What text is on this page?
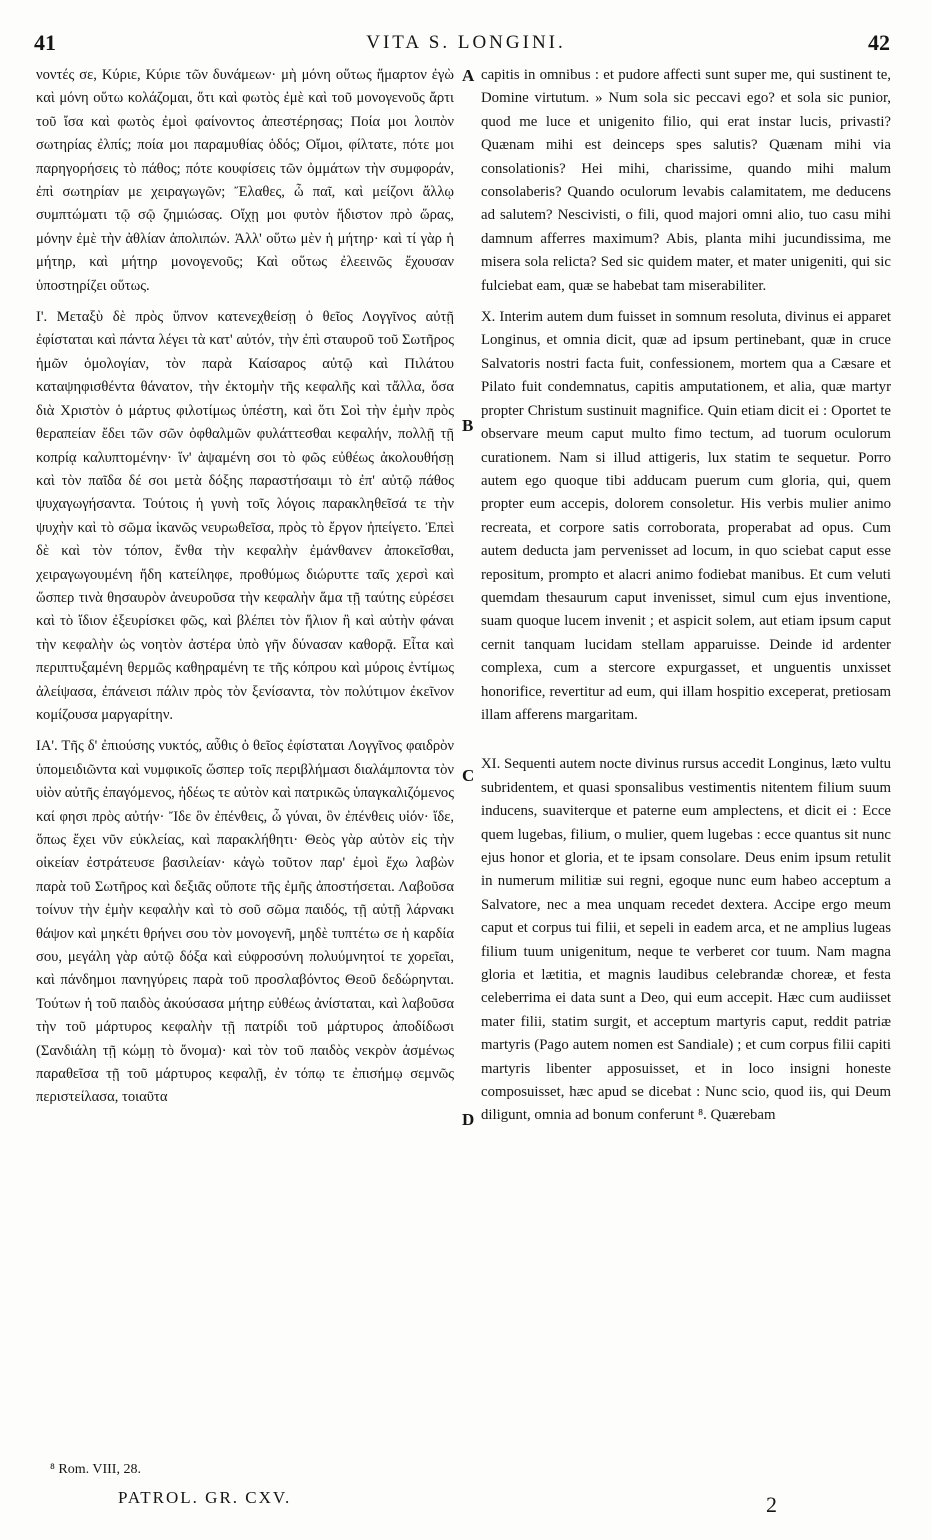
41	VITA S. LONGINI.	42

νοντές σε, Κύριε, Κύριε τῶν δυνάμεων· μὴ μόνη οὕτως ἥμαρτον ἐγὼ καὶ μόνη οὕτω κολάζομαι, ὅτι καὶ φωτὸς ἐμὲ καὶ τοῦ μονογενοῦς ἄρτι τοῦ ἴσα καὶ φωτὸς ἐμοὶ φαίνοντος ἀπεστέρησας; Ποία μοι λοιπὸν σωτηρίας ἐλπίς; ποία μοι παραμυθίας ὁδός; Οἴμοι, φίλτατε, πότε μοι παρηγορήσεις τὸ πάθος; πότε κουφίσεις τῶν ὀμμάτων τὴν συμφοράν, ἐπὶ σωτηρίαν με χειραγωγῶν; Ἔλαθες, ὦ παῖ, καὶ μείζονι ἄλλῳ συμπτώματι τῷ σῷ ζημιώσας. Οἴχῃ μοι φυτὸν ἥδιστον πρὸ ὥρας, μόνην ἐμὲ τὴν ἀθλίαν ἀπολιπών. Ἀλλ' οὕτω μὲν ἡ μήτηρ· καὶ τί γὰρ ἡ μήτηρ, καὶ μήτηρ μονογενοῦς; Καὶ οὕτως ἐλεεινῶς ἔχουσαν ὑποστηρίζει οὕτως.

Ι'. Μεταξὺ δὲ πρὸς ὕπνον κατενεχθείσῃ ὁ θεῖος Λογγῖνος αὐτῇ ἐφίσταται καὶ πάντα λέγει τὰ κατ' αὐτόν, τὴν ἐπὶ σταυροῦ τοῦ Σωτῆρος ἡμῶν ὁμολογίαν, τὸν παρὰ Καίσαρος αὐτῷ καὶ Πιλάτου καταψηφισθέντα θάνατον, τὴν ἐκτομὴν τῆς κεφαλῆς καὶ τἄλλα, ὅσα διὰ Χριστὸν ὁ μάρτυς φιλοτίμως ὑπέστη, καὶ ὅτι Σοὶ τὴν ἐμὴν πρὸς θεραπείαν ἔδει τῶν σῶν ὀφθαλμῶν φυλάττεσθαι κεφαλήν, πολλῇ τῇ κοπρίᾳ καλυπτομένην· ἵν' ἁψαμένη σοι τὸ φῶς εὐθέως ἀκολουθήσῃ καὶ τὸν παῖδα δέ σοι μετὰ δόξης παραστήσαιμι τὸ ἐπ' αὐτῷ πάθος ψυχαγωγήσαντα. Τούτοις ἡ γυνὴ τοῖς λόγοις παρακληθεῖσά τε τὴν ψυχὴν καὶ τὸ σῶμα ἱκανῶς νευρωθεῖσα, πρὸς τὸ ἔργον ἠπείγετο. Ἐπεὶ δὲ καὶ τὸν τόπον, ἔνθα τὴν κεφαλὴν ἐμάνθανεν ἀποκεῖσθαι, χειραγωγουμένη ἤδη κατείληφε, προθύμως διώρυττε ταῖς χερσὶ καὶ ὥσπερ τινὰ θησαυρὸν ἀνευροῦσα τὴν κεφαλὴν ἅμα τῇ ταύτης εὑρέσει καὶ τὸ ἴδιον ἐξευρίσκει φῶς, καὶ βλέπει τὸν ἥλιον ἢ καὶ αὐτὴν φάναι τὴν κεφαλὴν ὡς νοητὸν ἀστέρα ὑπὸ γῆν δύνασαν καθορᾷ. Εἶτα καὶ περιπτυξαμένη θερμῶς καθηραμένη τε τῆς κόπρου καὶ μύροις ἐντίμως ἀλείψασα, ἐπάνεισι πάλιν πρὸς τὸν ξενίσαντα, τὸν πολύτιμον ἐκεῖνον κομίζουσα μαργαρίτην.

ΙΑ'. Τῆς δ' ἐπιούσης νυκτός, αὖθις ὁ θεῖος ἐφίσταται Λογγῖνος φαιδρὸν ὑπομειδιῶντα καὶ νυμφικοῖς ὥσπερ τοῖς περιβλήμασι διαλάμποντα τὸν υἱὸν αὐτῆς ἐπαγόμενος, ἠδέως τε αὐτὸν καὶ πατρικῶς ὑπαγκαλιζόμενος καί φησι πρὸς αὐτήν· Ἴδε ὃν ἐπένθεις, ὦ γύναι, ὃν ἐπένθεις υἱόν· ἴδε, ὅπως ἔχει νῦν εὐκλείας, καὶ παρακλήθητι· Θεὸς γὰρ αὐτὸν εἰς τὴν οἰκείαν ἐστράτευσε βασιλείαν· κἀγὼ τοῦτον παρ' ἐμοὶ ἔχω λαβὼν παρὰ τοῦ Σωτῆρος καὶ δεξιᾶς οὔποτε τῆς ἐμῆς ἀποστήσεται. Λαβοῦσα τοίνυν τὴν ἐμὴν κεφαλὴν καὶ τὸ σοῦ σῶμα παιδός, τῇ αὐτῇ λάρνακι θάψον καὶ μηκέτι θρήνει σου τὸν μονογενῆ, μηδὲ τυπτέτω σε ἡ καρδία σου, μεγάλη γὰρ αὐτῷ δόξα καὶ εὐφροσύνη πολυύμνητοί τε χορεῖαι, καὶ πάνδημοι πανηγύρεις παρὰ τοῦ προσλαβόντος Θεοῦ δεδώρηνται. Τούτων ἡ τοῦ παιδὸς ἀκούσασα μήτηρ εὐθέως ἀνίσταται, καὶ λαβοῦσα τὴν τοῦ μάρτυρος κεφαλὴν τῇ πατρίδι τοῦ μάρτυρος ἀποδίδωσι (Σανδιάλη τῇ κώμῃ τὸ ὄνομα)· καὶ τὸν τοῦ παιδὸς νεκρὸν ἀσμένως παραθεῖσα τῇ τοῦ μάρτυρος κεφαλῇ, ἐν τόπῳ τε ἐπισήμῳ σεμνῶς περιστείλασα, τοιαῦτα

capitis in omnibus : et pudore affecti sunt super me, qui sustinent te, Domine virtutum. » Num sola sic peccavi ego? et sola sic punior, quod me luce et unigenito filio, qui erat instar lucis, privasti? Quænam mihi est deinceps spes salutis? Quænam mihi via consolationis? Hei mihi, charissime, quando mihi malum consolaberis? Quando oculorum levabis calamitatem, me deducens ad salutem? Nescivisti, o fili, quod majori omni alio, tuo casu mihi damnum afferres maximum? Abis, planta mihi jucundissima, me misera sola relicta? Sed sic quidem mater, et mater unigeniti, qui sic fulciebat eam, quæ se habebat tam miserabiliter.

X. Interim autem dum fuisset in somnum resoluta, divinus ei apparet Longinus, et omnia dicit, quæ ad ipsum pertinebant, quæ in cruce Salvatoris nostri facta fuit, confessionem, mortem qua a Cæsare et Pilato fuit condemnatus, capitis amputationem, et alia, quæ martyr propter Christum sustinuit magnifice. Quin etiam dicit ei : Oportet te observare meum caput multo fimo tectum, ad tuorum oculorum curationem. Nam si illud attigeris, lux statim te sequetur. Porro autem ego quoque tibi adducam puerum cum gloria, qui, quem propter eum accepis, dolorem consoletur. His verbis mulier animo recreata, et corpore satis corroborata, properabat ad opus. Cum autem deducta jam pervenisset ad locum, in quo sciebat caput esse repositum, prompto et alacri animo fodiebat manibus. Et cum veluti quemdam thesaurum caput invenisset, simul cum ejus inventione, suam quoque lucem invenit ; et aspicit solem, aut etiam ipsum caput cernit tanquam lucidam stellam apparuisse. Deinde id ardenter complexa, cum a stercore expurgasset, et unguentis unxisset honorifice, revertitur ad eum, qui illam hospitio exceperat, pretiosam illam afferens margaritam.

XI. Sequenti autem nocte divinus rursus accedit Longinus, læto vultu subridentem, et quasi sponsalibus vestimentis nitentem filium suum inducens, suaviterque et paterne eum amplectens, et dicit ei : Ecce quem lugebas, filium, o mulier, quem lugebas : ecce quantus sit nunc ejus honor et gloria, et te ipsam consolare. Deus enim ipsum retulit in numerum militiæ sui regni, egoque nunc eum habeo acceptum a Salvatore, nec a mea unquam recedet dextera. Accipe ergo meum caput et corpus tui filii, et sepeli in eadem arca, et ne amplius lugeas filium tuum unigenitum, neque te verberet cor tuum. Nam magna gloria et lætitia, et magnis laudibus celebrandæ choreæ, et festa celeberrima ei data sunt a Deo, qui eum accepit. Hæc cum audiisset mater filii, statim surgit, et acceptum martyris caput, reddit patriæ martyris (Pago autem nomen est Sandiale) ; et cum corpus filii capiti martyris libenter apposuisset, et in loco insigni honeste composuisset, hæc apud se dicebat : Nunc scio, quod iis, qui Deum diligunt, omnia ad bonum conferunt ⁸. Quærebam

A
B
C
D
⁸ Rom. VIII, 28.
PATROL. GR. CXV.	2
